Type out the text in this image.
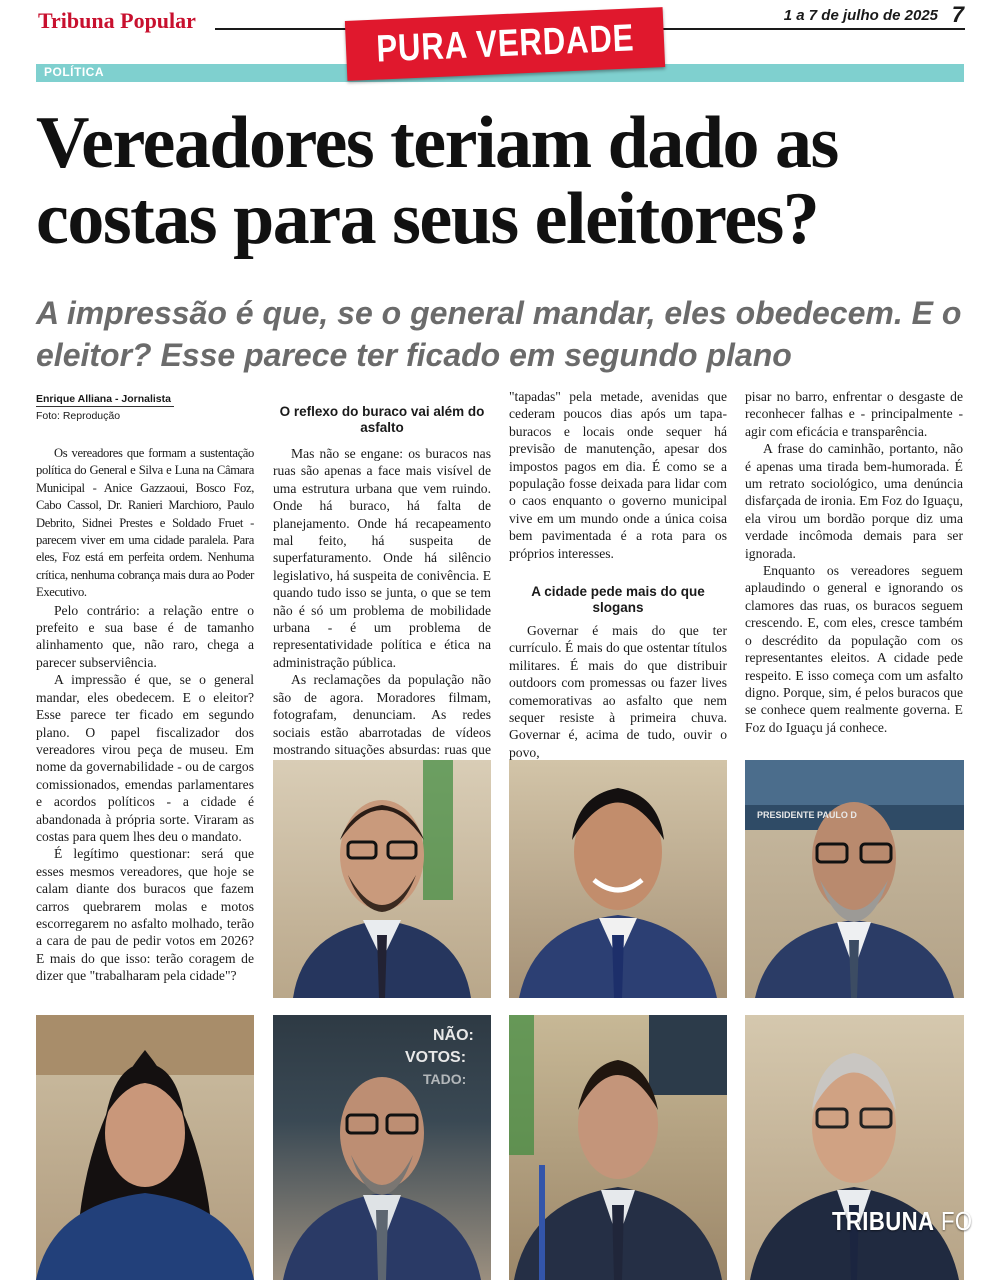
Tribuna Popular	1 a 7 de julho de 2025 7
POLÍTICA
PURA VERDADE
Vereadores teriam dado as costas para seus eleitores?
A impressão é que, se o general mandar, eles obedecem. E o eleitor? Esse parece ter ficado em segundo plano
Enrique Alliana - Jornalista
Foto: Reprodução

Os vereadores que formam a sustentação política do General e Silva e Luna na Câmara Municipal - Anice Gazzaoui, Bosco Foz, Cabo Cassol, Dr. Ranieri Marchioro, Paulo Debrito, Sidnei Prestes e Soldado Fruet - parecem viver em uma cidade paralela. Para eles, Foz está em perfeita ordem. Nenhuma crítica, nenhuma cobrança mais dura ao Poder Executivo.

Pelo contrário: a relação entre o prefeito e sua base é de tamanho alinhamento que, não raro, chega a parecer subserviência.

A impressão é que, se o general mandar, eles obedecem. E o eleitor? Esse parece ter ficado em segundo plano. O papel fiscalizador dos vereadores virou peça de museu. Em nome da governabilidade - ou de cargos comissionados, emendas parlamentares e acordos políticos - a cidade é abandonada à própria sorte. Viraram as costas para quem lhes deu o mandato.

É legítimo questionar: será que esses mesmos vereadores, que hoje se calam diante dos buracos que fazem carros quebrarem molas e motos escorregarem no asfalto molhado, terão a cara de pau de pedir votos em 2026? E mais do que isso: terão coragem de dizer que "trabalharam pela cidade"?

O reflexo do buraco vai além do asfalto

Mas não se engane: os buracos nas ruas são apenas a face mais visível de uma estrutura urbana que vem ruindo. Onde há buraco, há falta de planejamento. Onde há recapeamento mal feito, há suspeita de superfaturamento. Onde há silêncio legislativo, há suspeita de conivência. E quando tudo isso se junta, o que se tem não é só um problema de mobilidade urbana - é um problema de representatividade política e ética na administração pública.

As reclamações da população não são de agora. Moradores filmam, fotografam, denunciam. As redes sociais estão abarrotadas de vídeos mostrando situações absurdas: ruas que

"tapadas" pela metade, avenidas que cederam poucos dias após um tapa-buracos e locais onde sequer há previsão de manutenção, apesar dos impostos pagos em dia. É como se a população fosse deixada para lidar com o caos enquanto o governo municipal vive em um mundo onde a única coisa bem pavimentada é a rota para os próprios interesses.

A cidade pede mais do que slogans

Governar é mais do que ter currículo. É mais do que ostentar títulos militares. É mais do que distribuir outdoors com promessas ou fazer lives comemorativas ao asfalto que nem sequer resiste à primeira chuva. Governar é, acima de tudo, ouvir o povo,

pisar no barro, enfrentar o desgaste de reconhecer falhas e - principalmente - agir com eficácia e transparência.

A frase do caminhão, portanto, não é apenas uma tirada bem-humorada. É um retrato sociológico, uma denúncia disfarçada de ironia. Em Foz do Iguaçu, ela virou um bordão porque diz uma verdade incômoda demais para ser ignorada.

Enquanto os vereadores seguem aplaudindo o general e ignorando os clamores das ruas, os buracos seguem crescendo. E, com eles, cresce também o descrédito da população com os representantes eleitos. A cidade pede respeito. E isso começa com um asfalto digno. Porque, sim, é pelos buracos que se conhece quem realmente governa. E Foz do Iguaçu já conhece.

PRESIDENTE PAULO D
NÃO:
VOTOS:
TADO:
TRIBUNA FO
